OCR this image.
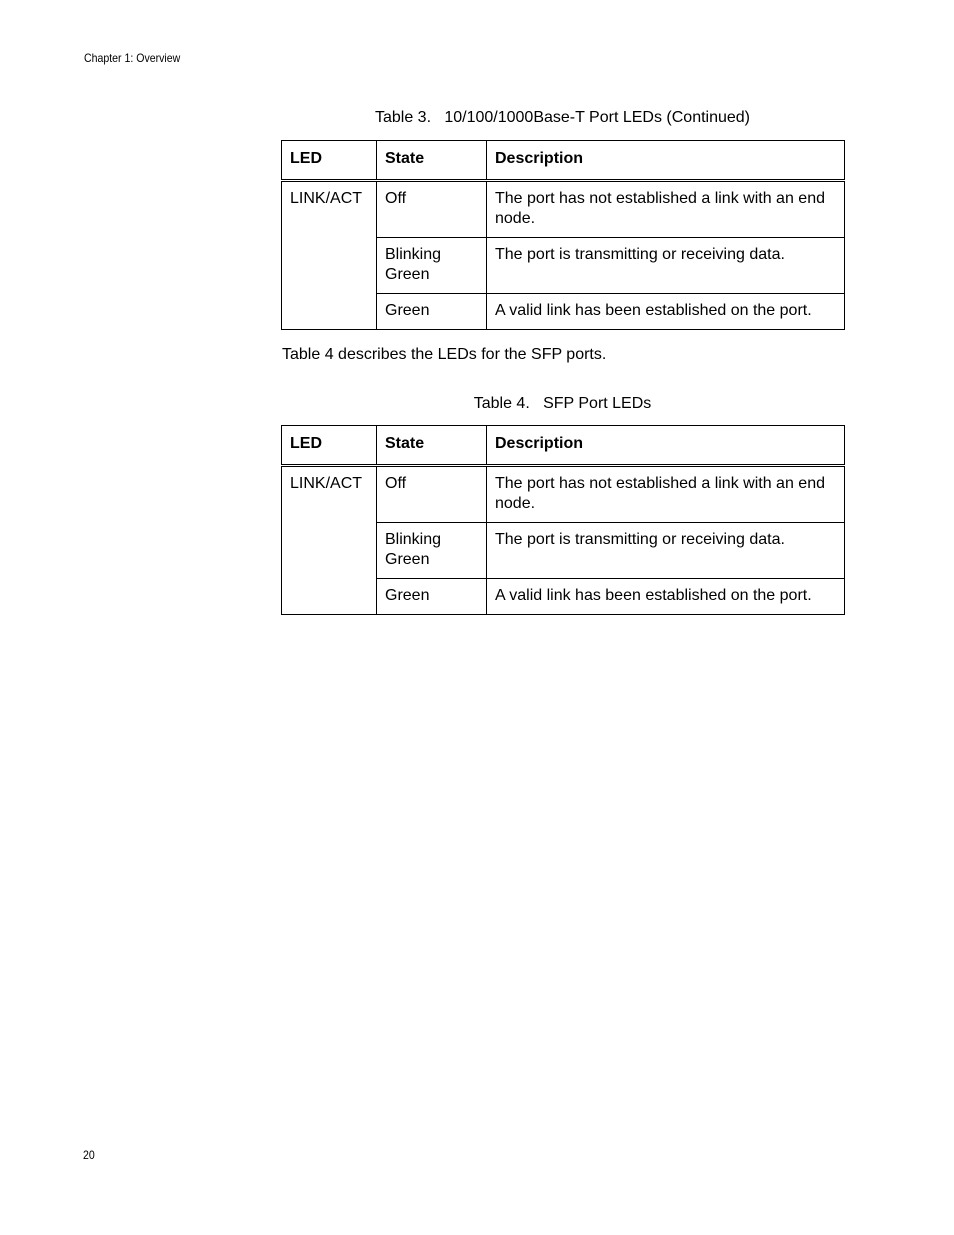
Chapter 1: Overview
Table 3.   10/100/1000Base-T Port LEDs (Continued)
LED	State	Description
LINK/ACT	Off	The port has not established a link with an end node.
	Blinking Green	The port is transmitting or receiving data.
	Green	A valid link has been established on the port.
Table 4 describes the LEDs for the SFP ports.
Table 4.   SFP Port LEDs
LED	State	Description
LINK/ACT	Off	The port has not established a link with an end node.
	Blinking Green	The port is transmitting or receiving data.
	Green	A valid link has been established on the port.
20
